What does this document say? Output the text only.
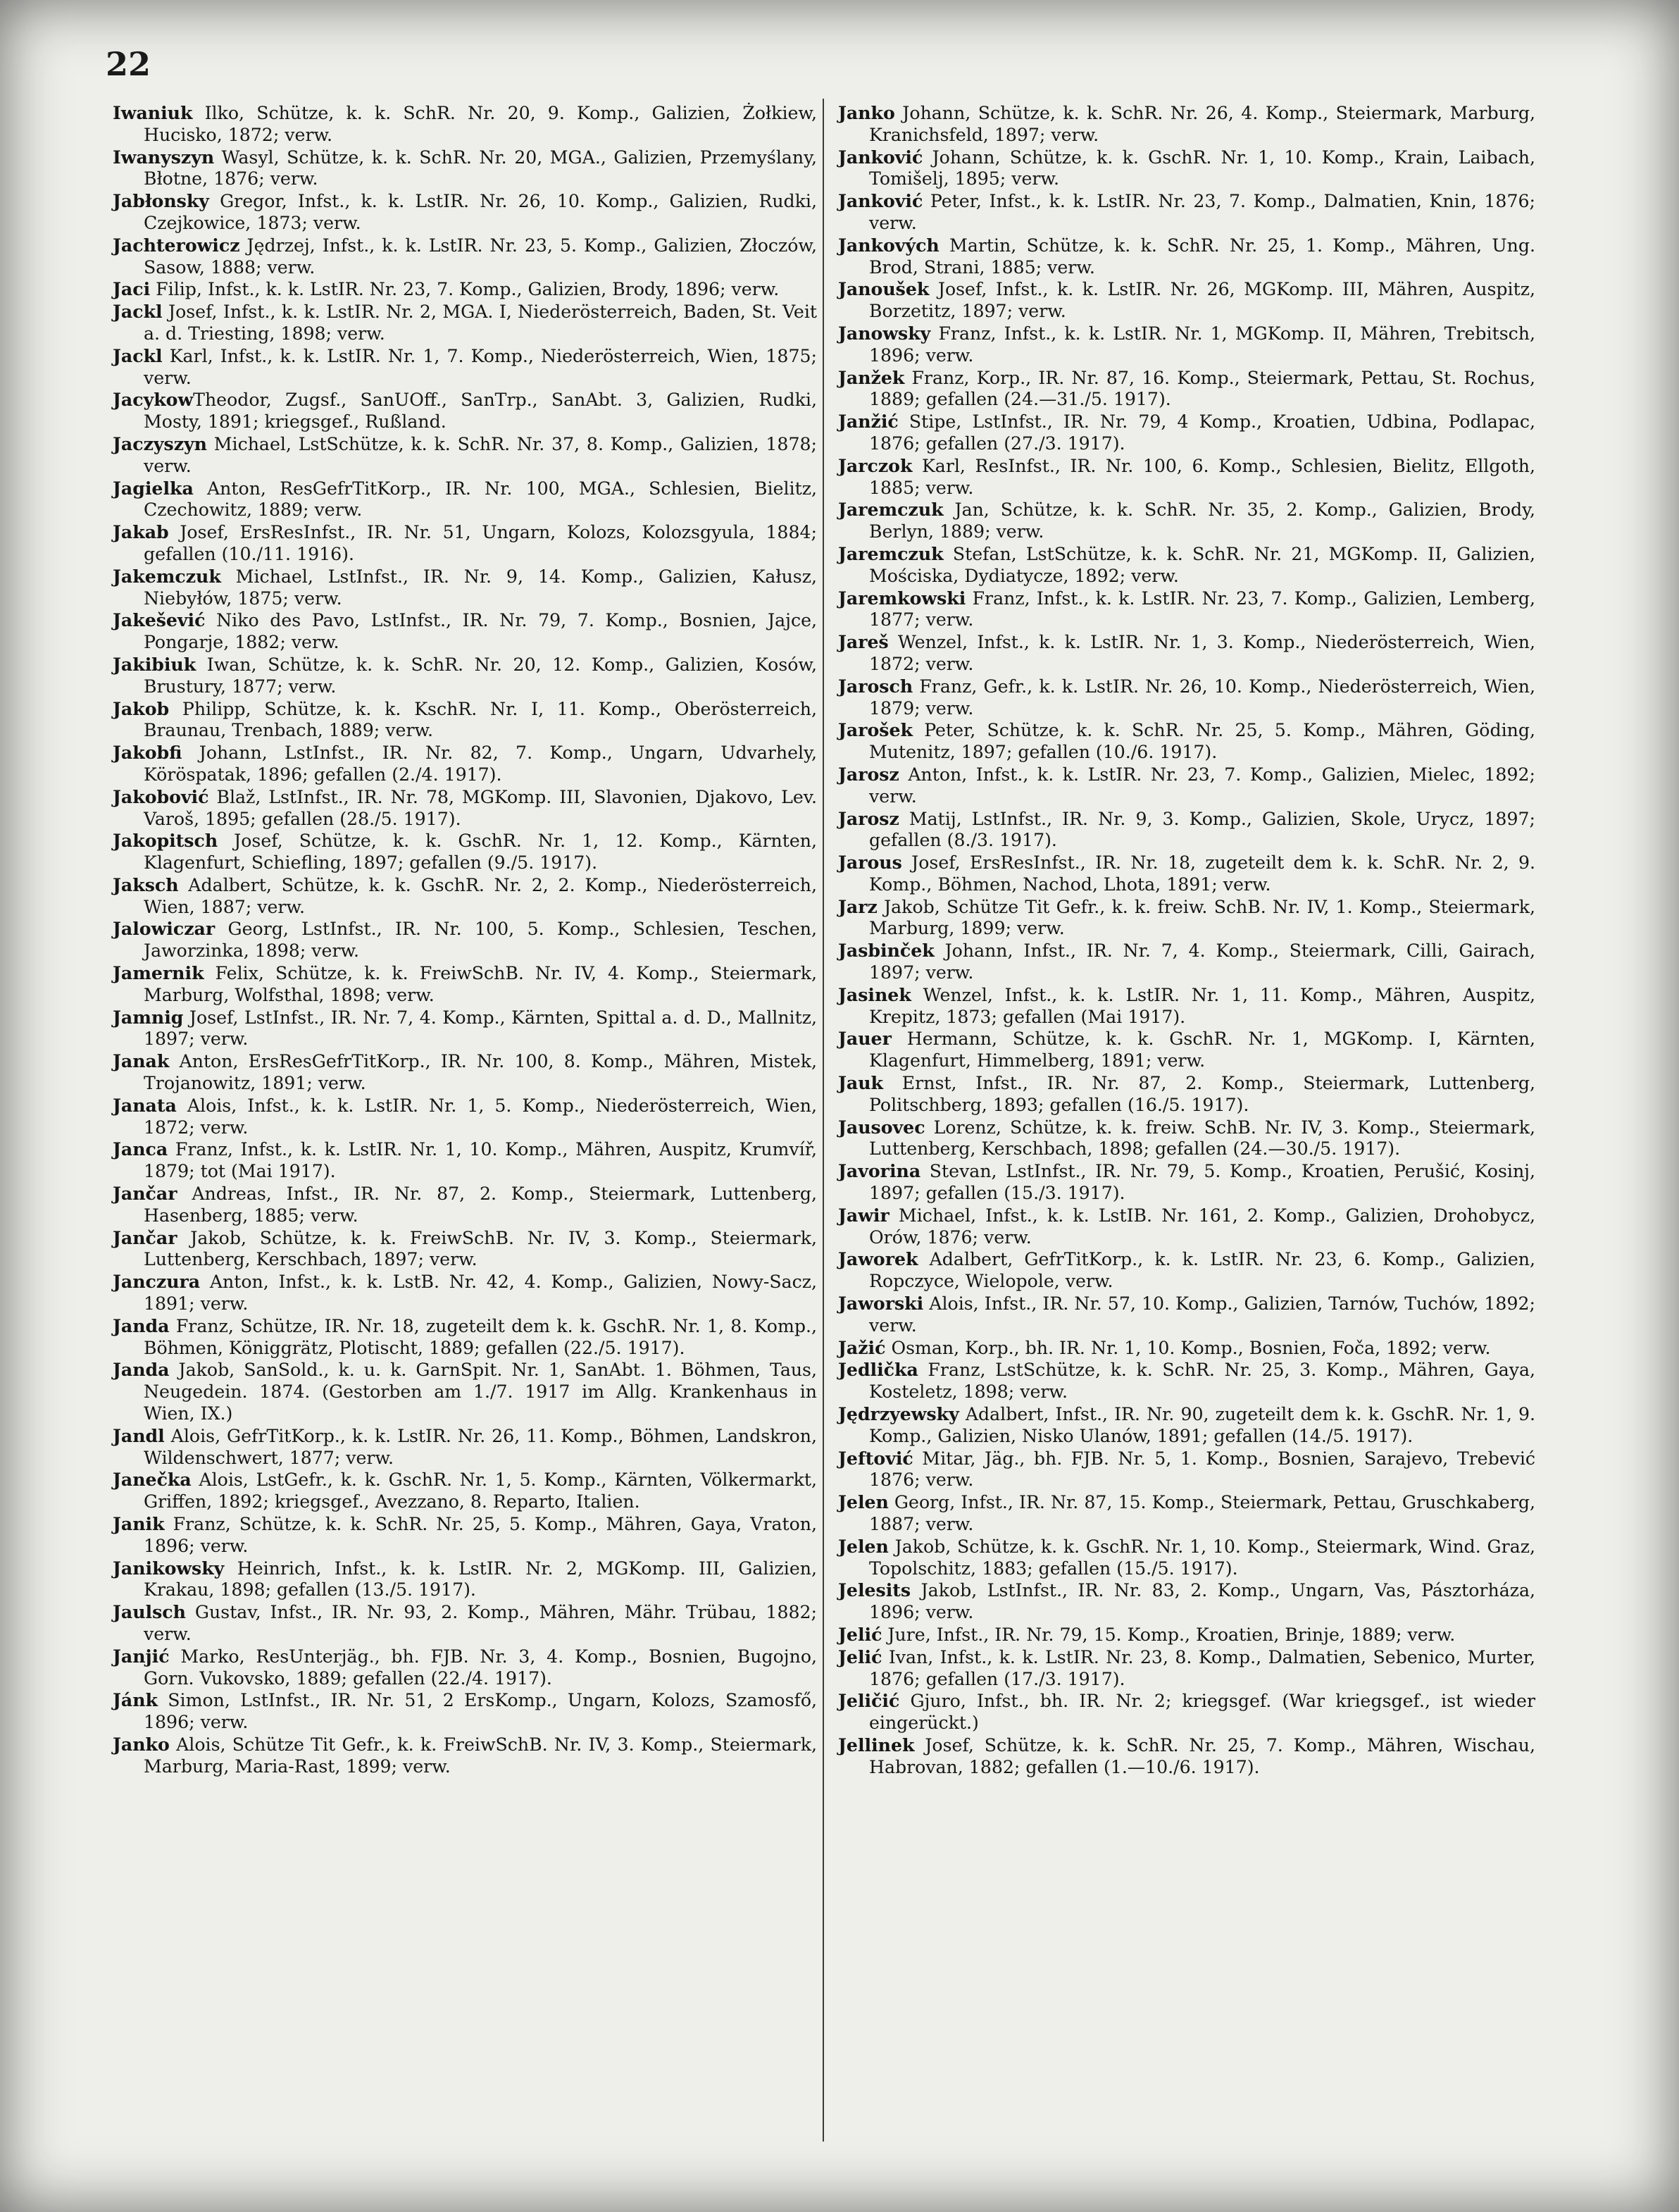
22

Iwaniuk Ilko, Schütze, k. k. SchR. Nr. 20, 9. Komp., Galizien, Żołkiew, Hucisko, 1872; verw.

Iwanyszyn Wasyl, Schütze, k. k. SchR. Nr. 20, MGA., Galizien, Przemyślany, Błotne, 1876; verw.

Jabłonsky Gregor, Infst., k. k. LstIR. Nr. 26, 10. Komp., Galizien, Rudki, Czejkowice, 1873; verw.

Jachterowicz Jędrzej, Infst., k. k. LstIR. Nr. 23, 5. Komp., Galizien, Złoczów, Sasow, 1888; verw.

Jaci Filip, Infst., k. k. LstIR. Nr. 23, 7. Komp., Galizien, Brody, 1896; verw.

Jackl Josef, Infst., k. k. LstIR. Nr. 2, MGA. I, Niederösterreich, Baden, St. Veit a. d. Triesting, 1898; verw.

Jackl Karl, Infst., k. k. LstIR. Nr. 1, 7. Komp., Niederösterreich, Wien, 1875; verw.

JacykowTheodor, Zugsf., SanUOff., SanTrp., SanAbt. 3, Galizien, Rudki, Mosty, 1891; kriegsgef., Rußland.

Jaczyszyn Michael, LstSchütze, k. k. SchR. Nr. 37, 8. Komp., Galizien, 1878; verw.

Jagielka Anton, ResGefrTitKorp., IR. Nr. 100, MGA., Schlesien, Bielitz, Czechowitz, 1889; verw.

Jakab Josef, ErsResInfst., IR. Nr. 51, Ungarn, Kolozs, Kolozsgyula, 1884; gefallen (10./11. 1916).

Jakemczuk Michael, LstInfst., IR. Nr. 9, 14. Komp., Galizien, Kałusz, Niebyłów, 1875; verw.

Jakešević Niko des Pavo, LstInfst., IR. Nr. 79, 7. Komp., Bosnien, Jajce, Pongarje, 1882; verw.

Jakibiuk Iwan, Schütze, k. k. SchR. Nr. 20, 12. Komp., Galizien, Kosów, Brustury, 1877; verw.

Jakob Philipp, Schütze, k. k. KschR. Nr. I, 11. Komp., Oberösterreich, Braunau, Trenbach, 1889; verw.

Jakobfi Johann, LstInfst., IR. Nr. 82, 7. Komp., Ungarn, Udvarhely, Köröspatak, 1896; gefallen (2./4. 1917).

Jakobović Blaž, LstInfst., IR. Nr. 78, MGKomp. III, Slavonien, Djakovo, Lev. Varoš, 1895; gefallen (28./5. 1917).

Jakopitsch Josef, Schütze, k. k. GschR. Nr. 1, 12. Komp., Kärnten, Klagenfurt, Schiefling, 1897; gefallen (9./5. 1917).

Jaksch Adalbert, Schütze, k. k. GschR. Nr. 2, 2. Komp., Niederösterreich, Wien, 1887; verw.

Jalowiczar Georg, LstInfst., IR. Nr. 100, 5. Komp., Schlesien, Teschen, Jaworzinka, 1898; verw.

Jamernik Felix, Schütze, k. k. FreiwSchB. Nr. IV, 4. Komp., Steiermark, Marburg, Wolfsthal, 1898; verw.

Jamnig Josef, LstInfst., IR. Nr. 7, 4. Komp., Kärnten, Spittal a. d. D., Mallnitz, 1897; verw.

Janak Anton, ErsResGefrTitKorp., IR. Nr. 100, 8. Komp., Mähren, Mistek, Trojanowitz, 1891; verw.

Janata Alois, Infst., k. k. LstIR. Nr. 1, 5. Komp., Niederösterreich, Wien, 1872; verw.

Janca Franz, Infst., k. k. LstIR. Nr. 1, 10. Komp., Mähren, Auspitz, Krumvíř, 1879; tot (Mai 1917).

Jančar Andreas, Infst., IR. Nr. 87, 2. Komp., Steiermark, Luttenberg, Hasenberg, 1885; verw.

Jančar Jakob, Schütze, k. k. FreiwSchB. Nr. IV, 3. Komp., Steiermark, Luttenberg, Kerschbach, 1897; verw.

Janczura Anton, Infst., k. k. LstB. Nr. 42, 4. Komp., Galizien, Nowy-Sacz, 1891; verw.

Janda Franz, Schütze, IR. Nr. 18, zugeteilt dem k. k. GschR. Nr. 1, 8. Komp., Böhmen, Königgrätz, Plotischt, 1889; gefallen (22./5. 1917).

Janda Jakob, SanSold., k. u. k. GarnSpit. Nr. 1, SanAbt. 1. Böhmen, Taus, Neugedein. 1874. (Gestorben am 1./7. 1917 im Allg. Krankenhaus in Wien, IX.)

Jandl Alois, GefrTitKorp., k. k. LstIR. Nr. 26, 11. Komp., Böhmen, Landskron, Wildenschwert, 1877; verw.

Janečka Alois, LstGefr., k. k. GschR. Nr. 1, 5. Komp., Kärnten, Völkermarkt, Griffen, 1892; kriegsgef., Avezzano, 8. Reparto, Italien.

Janik Franz, Schütze, k. k. SchR. Nr. 25, 5. Komp., Mähren, Gaya, Vraton, 1896; verw.

Janikowsky Heinrich, Infst., k. k. LstIR. Nr. 2, MGKomp. III, Galizien, Krakau, 1898; gefallen (13./5. 1917).

Jaulsch Gustav, Infst., IR. Nr. 93, 2. Komp., Mähren, Mähr. Trübau, 1882; verw.

Janjić Marko, ResUnterjäg., bh. FJB. Nr. 3, 4. Komp., Bosnien, Bugojno, Gorn. Vukovsko, 1889; gefallen (22./4. 1917).

Jánk Simon, LstInfst., IR. Nr. 51, 2 ErsKomp., Ungarn, Kolozs, Szamosfő, 1896; verw.

Janko Alois, Schütze Tit Gefr., k. k. FreiwSchB. Nr. IV, 3. Komp., Steiermark, Marburg, Maria-Rast, 1899; verw.

Janko Johann, Schütze, k. k. SchR. Nr. 26, 4. Komp., Steiermark, Marburg, Kranichsfeld, 1897; verw.

Janković Johann, Schütze, k. k. GschR. Nr. 1, 10. Komp., Krain, Laibach, Tomišelj, 1895; verw.

Janković Peter, Infst., k. k. LstIR. Nr. 23, 7. Komp., Dalmatien, Knin, 1876; verw.

Jankových Martin, Schütze, k. k. SchR. Nr. 25, 1. Komp., Mähren, Ung. Brod, Strani, 1885; verw.

Janoušek Josef, Infst., k. k. LstIR. Nr. 26, MGKomp. III, Mähren, Auspitz, Borzetitz, 1897; verw.

Janowsky Franz, Infst., k. k. LstIR. Nr. 1, MGKomp. II, Mähren, Trebitsch, 1896; verw.

Janžek Franz, Korp., IR. Nr. 87, 16. Komp., Steiermark, Pettau, St. Rochus, 1889; gefallen (24.—31./5. 1917).

Janžić Stipe, LstInfst., IR. Nr. 79, 4 Komp., Kroatien, Udbina, Podlapac, 1876; gefallen (27./3. 1917).

Jarczok Karl, ResInfst., IR. Nr. 100, 6. Komp., Schlesien, Bielitz, Ellgoth, 1885; verw.

Jaremczuk Jan, Schütze, k. k. SchR. Nr. 35, 2. Komp., Galizien, Brody, Berlyn, 1889; verw.

Jaremczuk Stefan, LstSchütze, k. k. SchR. Nr. 21, MGKomp. II, Galizien, Mościska, Dydiatycze, 1892; verw.

Jaremkowski Franz, Infst., k. k. LstIR. Nr. 23, 7. Komp., Galizien, Lemberg, 1877; verw.

Jareš Wenzel, Infst., k. k. LstIR. Nr. 1, 3. Komp., Niederösterreich, Wien, 1872; verw.

Jarosch Franz, Gefr., k. k. LstIR. Nr. 26, 10. Komp., Niederösterreich, Wien, 1879; verw.

Jarošek Peter, Schütze, k. k. SchR. Nr. 25, 5. Komp., Mähren, Göding, Mutenitz, 1897; gefallen (10./6. 1917).

Jarosz Anton, Infst., k. k. LstIR. Nr. 23, 7. Komp., Galizien, Mielec, 1892; verw.

Jarosz Matij, LstInfst., IR. Nr. 9, 3. Komp., Galizien, Skole, Urycz, 1897; gefallen (8./3. 1917).

Jarous Josef, ErsResInfst., IR. Nr. 18, zugeteilt dem k. k. SchR. Nr. 2, 9. Komp., Böhmen, Nachod, Lhota, 1891; verw.

Jarz Jakob, Schütze Tit Gefr., k. k. freiw. SchB. Nr. IV, 1. Komp., Steiermark, Marburg, 1899; verw.

Jasbinček Johann, Infst., IR. Nr. 7, 4. Komp., Steiermark, Cilli, Gairach, 1897; verw.

Jasinek Wenzel, Infst., k. k. LstIR. Nr. 1, 11. Komp., Mähren, Auspitz, Krepitz, 1873; gefallen (Mai 1917).

Jauer Hermann, Schütze, k. k. GschR. Nr. 1, MGKomp. I, Kärnten, Klagenfurt, Himmelberg, 1891; verw.

Jauk Ernst, Infst., IR. Nr. 87, 2. Komp., Steiermark, Luttenberg, Politschberg, 1893; gefallen (16./5. 1917).

Jausovec Lorenz, Schütze, k. k. freiw. SchB. Nr. IV, 3. Komp., Steiermark, Luttenberg, Kerschbach, 1898; gefallen (24.—30./5. 1917).

Javorina Stevan, LstInfst., IR. Nr. 79, 5. Komp., Kroatien, Perušić, Kosinj, 1897; gefallen (15./3. 1917).

Jawir Michael, Infst., k. k. LstIB. Nr. 161, 2. Komp., Galizien, Drohobycz, Orów, 1876; verw.

Jaworek Adalbert, GefrTitKorp., k. k. LstIR. Nr. 23, 6. Komp., Galizien, Ropczyce, Wielopole, verw.

Jaworski Alois, Infst., IR. Nr. 57, 10. Komp., Galizien, Tarnów, Tuchów, 1892; verw.

Jažić Osman, Korp., bh. IR. Nr. 1, 10. Komp., Bosnien, Foča, 1892; verw.

Jedlička Franz, LstSchütze, k. k. SchR. Nr. 25, 3. Komp., Mähren, Gaya, Kosteletz, 1898; verw.

Jędrzyewsky Adalbert, Infst., IR. Nr. 90, zugeteilt dem k. k. GschR. Nr. 1, 9. Komp., Galizien, Nisko Ulanów, 1891; gefallen (14./5. 1917).

Jeftović Mitar, Jäg., bh. FJB. Nr. 5, 1. Komp., Bosnien, Sarajevo, Trebević 1876; verw.

Jelen Georg, Infst., IR. Nr. 87, 15. Komp., Steiermark, Pettau, Gruschkaberg, 1887; verw.

Jelen Jakob, Schütze, k. k. GschR. Nr. 1, 10. Komp., Steiermark, Wind. Graz, Topolschitz, 1883; gefallen (15./5. 1917).

Jelesits Jakob, LstInfst., IR. Nr. 83, 2. Komp., Ungarn, Vas, Pásztorháza, 1896; verw.

Jelić Jure, Infst., IR. Nr. 79, 15. Komp., Kroatien, Brinje, 1889; verw.

Jelić Ivan, Infst., k. k. LstIR. Nr. 23, 8. Komp., Dalmatien, Sebenico, Murter, 1876; gefallen (17./3. 1917).

Jeličić Gjuro, Infst., bh. IR. Nr. 2; kriegsgef. (War kriegsgef., ist wieder eingerückt.)

Jellinek Josef, Schütze, k. k. SchR. Nr. 25, 7. Komp., Mähren, Wischau, Habrovan, 1882; gefallen (1.—10./6. 1917).
